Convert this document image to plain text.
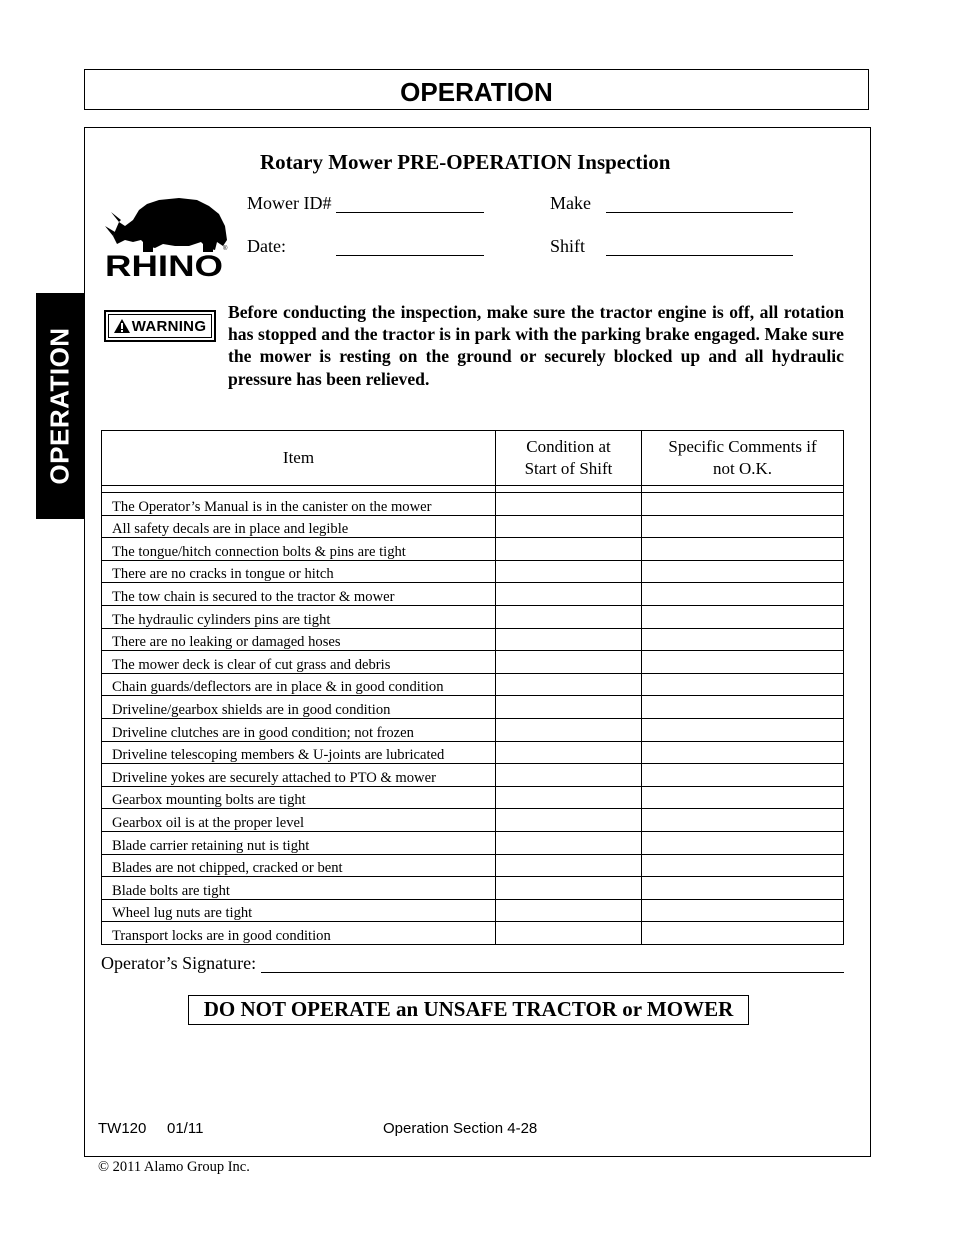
OPERATION
OPERATION
Rotary Mower PRE-OPERATION Inspection
RHINO
®
Mower ID#	Make
Date:	Shift
WARNING
Before conducting the inspection, make sure the tractor engine is off, all rotation has stopped and the tractor is in park with the parking brake engaged. Make sure the mower is resting on the ground or securely blocked up and all hydraulic pressure has been relieved.
Item	Condition at Start of Shift	Specific Comments if not O.K.

The Operator’s Manual is in the canister on the mower		
All safety decals are in place and legible		
The tongue/hitch connection bolts & pins are tight		
There are no cracks in tongue or hitch		
The tow chain is secured to the tractor & mower		
The hydraulic cylinders pins are tight		
There are no leaking or damaged hoses		
The mower deck is clear of cut grass and debris		
Chain guards/deflectors are in place & in good condition		
Driveline/gearbox shields are in good condition		
Driveline clutches are in good condition; not frozen		
Driveline telescoping members & U-joints are lubricated		
Driveline yokes are securely attached to PTO & mower		
Gearbox mounting bolts are tight		
Gearbox oil is at the proper level		
Blade carrier retaining nut is tight		
Blades are not chipped, cracked or bent		
Blade bolts are tight		
Wheel lug nuts are tight		
Transport locks are in good condition		
Operator’s Signature:
DO NOT OPERATE an UNSAFE TRACTOR or MOWER
TW120 01/11	Operation Section 4-28
© 2011 Alamo Group Inc.
